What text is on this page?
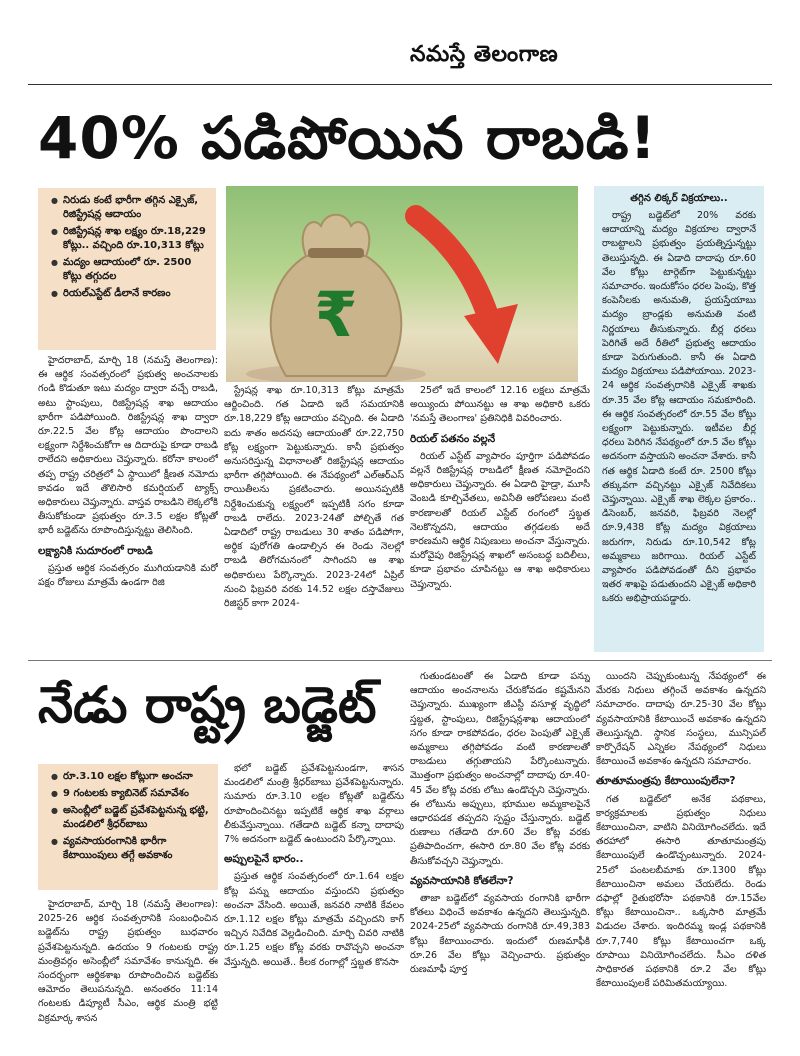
నమస్తే తెలంగాణ
40% పడిపోయిన రాబడి!
● నిరుడు కంటే భారీగా తగ్గిన ఎక్సైజ్, రిజిస్ట్రేషన్ల ఆదాయం
● రిజిస్ట్రేషన్ల శాఖ లక్ష్యం రూ.18,229 కోట్లు.. వచ్చింది రూ.10,313 కోట్లు
● మద్యం ఆదాయంలో రూ. 2500 కోట్లు తగ్గుదల
● రియల్ఎస్టేట్ డీలానే కారణం	₹

హైదరాబాద్, మార్చి 18 (నమస్తే తెలంగాణ): ఈ ఆర్థిక సంవత్సరంలో ప్రభుత్వ అంచనాలకు గండి కొడుతూ ఇటు మద్యం ద్వారా వచ్చే రాబడి, అటు స్టాంపులు, రిజిస్ట్రేషన్ల శాఖ ఆదాయం భారీగా పడిపోయింది. రిజిస్ట్రేషన్ల శాఖ ద్వారా రూ.22.5 వేల కోట్ల ఆదాయం పొందాలని లక్ష్యంగా నిర్దేశించుకోగా ఆ దిదారుపై కూడా రాబడి రాలేదని అధికారులు చెప్తున్నారు. కరోనా కాలంలో తప్ప రాష్ట్ర చరిత్రలో ఏ స్థాయిలో క్షీణత నమోదు కావడం ఇదే తొలిసారి కమర్షియల్ ట్యాక్స్ అధికారులు చెప్తున్నారు. వాస్తవ రాబడిని లెక్కలోకి తీసుకోకుండా ప్రభుత్వం రూ.3.5 లక్షల కోట్లతో భారీ బడ్జెట్‌ను రూపొందిస్తున్నట్టు తెలిసింది.

లక్ష్యానికి సుదూరంలో రాబడి

ప్రస్తుత ఆర్థిక సంవత్సరం ముగియడానికి మరో పక్షం రోజులు మాత్రమే ఉండగా రిజి

స్ట్రేషన్ల శాఖ రూ.10,313 కోట్లు మాత్రమే ఆర్జించింది. గత ఏడాది ఇదే సమయానికి రూ.18,229 కోట్ల ఆదాయం వచ్చింది. ఈ ఏడాది ఐదు శాతం అదనపు ఆదాయంతో రూ.22,750 కోట్ల లక్ష్యంగా పెట్టుకున్నారు. కానీ ప్రభుత్వం అనుసరిస్తున్న విధానాలతో రిజిస్ట్రేషన్ల ఆదాయం భారీగా తగ్గిపోయింది. ఈ నేపథ్యంలో ఎల్ఆర్ఎస్ రాయితీలను ప్రకటించారు. అయినప్పటికీ నిర్దేశించుకున్న లక్ష్యంలో ఇప్పటికీ సగం కూడా రాబడి రాలేదు. 2023-24తో పోల్చితే గత ఏడాదిలో రాష్ట్ర రాబడులు 30 శాతం పడిపోగా, అర్థిక పురోగతి ఉండాల్సిన ఈ రెండు నెలల్లో రాబడి తిరోగమనంలో సాగిందని ఆ శాఖ అధికారులు పేర్కొన్నారు. 2023-24లో ఏప్రిల్ నుంచి ఫిబ్రవరి వరకు 14.52 లక్షల దస్తావేజులు రిజిస్టర్ కాగా 2024-

25లో ఇదే కాలంలో 12.16 లక్షలు మాత్రమే అయ్యిందు పోయినట్టు ఆ శాఖ అధికారి ఒకరు 'నమస్తే తెలంగాణ' ప్రతినిధికి వివరించారు.

రియల్ పతనం వల్లనే

రియల్ ఎస్టేట్ వ్యాపారం పూర్తిగా పడిపోవడం వల్లనే రిజిస్ట్రేషన్ల రాబడిలో క్షీణత నమోదైందని అధికారులు చెప్తున్నారు. ఈ ఏడాది హైడ్రా, మూసీ వెంబడి కూల్చివేతలు, అవినీతి ఆరోపణలు వంటి కారణాలతో రియల్ ఎస్టేట్ రంగంలో స్తబ్ధత నెలకొన్నదని, ఆదాయం తగ్గడలకు అదే కారణమని ఆర్థిక నిపుణులు అంచనా వేస్తున్నారు. మరోవైపు రిజిస్ట్రేషన్ల శాఖలో అసంబద్ధ బదిలీలు, కూడా ప్రభావం చూపినట్టు ఆ శాఖ అధికారులు చెప్తున్నారు.

తగ్గిన లిక్కర్ విక్రయాలు..

రాష్ట్ర బడ్జెట్‌లో 20% వరకు ఆదాయాన్ని మద్యం విక్రయాల ద్వారానే రాబట్టాలని ప్రభుత్వం ప్రయత్నిస్తున్నట్టు తెలుస్తున్నది. ఈ ఏడాది దాదాపు రూ.60 వేల కోట్లు టార్గెట్‌గా పెట్టుకున్నట్టు సమాచారం. ఇందుకోసం ధరల పెంపు, కొత్త కంపెనీలకు అనుమతి, ప్రయస్తేయాబు మద్యం బ్రాండ్లకు అనుమతి వంటి నిర్ణయాలు తీసుకున్నారు. బీర్ల ధరలు పెరిగితే అదే రీతిలో ప్రభుత్వ ఆదాయం కూడా పెరుగుతుంది. కానీ ఈ ఏడాది మద్యం విక్రయాలు పడిపోయాయి. 2023-24 ఆర్థిక సంవత్సరానికి ఎక్సైజ్ శాఖకు రూ.35 వేల కోట్ల ఆదాయం సమకూరింది. ఈ ఆర్థిక సంవత్సరంలో రూ.55 వేల కోట్లు లక్ష్యంగా పెట్టుకున్నారు. ఇటీవల బీర్ల ధరలు పెరిగిన నేపథ్యంలో రూ.5 వేల కోట్లు అదనంగా వస్తాయని అంచనా వేశారు. కానీ గత ఆర్థిక ఏడాది కంటే రూ. 2500 కోట్లు తక్కువగా వచ్చినట్టు ఎక్సైజ్ నివేదికలు చెప్తున్నాయి. ఎక్సైజ్ శాఖ లెక్కల ప్రకారం.. డిసెంబర్, జనవరి, ఫిబ్రవరి నెలల్లో రూ.9,438 కోట్ల మద్యం విక్రయాలు జరుగగా, నిరుడు రూ.10,542 కోట్ల అమ్మకాలు జరిగాయి. రియల్ ఎస్టేట్ వ్యాపారం పడిపోవడంతో దీని ప్రభావం ఇతర శాఖపై పడుతుందని ఎక్సైజ్ అధికారి ఒకరు అభిప్రాయపడ్డారు.

నేడు రాష్ట్ర బడ్జెట్
● రూ.3.10 లక్షల కోట్లుగా అంచనా
● 9 గంటలకు క్యాబినెట్ సమావేశం
● అసెంబ్లీలో బడ్జెట్ ప్రవేశపెట్టనున్న భట్టి, మండలిలో శ్రీధర్‌బాబు
● వ్యవసాయరంగానికి భారీగా కేటాయింపులు తగ్గే అవకాశం

హైదరాబాద్, మార్చి 18 (నమస్తే తెలంగాణ): 2025-26 ఆర్థిక సంవత్సరానికి సంబంధించిన బడ్జెట్‌ను రాష్ట్ర ప్రభుత్వం బుధవారం ప్రవేశపెట్టనున్నది. ఉదయం 9 గంటలకు రాష్ట్ర మంత్రివర్గం అసెంబ్లీలో సమావేశం కానున్నది. ఈ సందర్భంగా ఆర్థికశాఖ రూపొందించిన బడ్జెట్‌కు ఆమోదం తెలుపనున్నది. అనంతరం 11:14 గంటలకు డిప్యూటీ సీఎం, ఆర్థిక మంత్రి భట్టి విక్రమార్క శాసన

భలో బడ్జెట్ ప్రవేశపెట్టనుండగా, శాసన మండలిలో మంత్రి శ్రీధర్‌బాబు ప్రవేశపెట్టనున్నారు. సుమారు రూ.3.10 లక్షల కోట్లతో బడ్జెట్‌ను రూపొందించినట్టు ఇప్పటికే ఆర్థిక శాఖ వర్గాలు లీకువేస్తున్నాయి. గతేడాది బడ్జెట్ కన్నా దాదాపు 7% అదనంగా బడ్జెట్ ఉంటుందని పేర్కొన్నాయి.

అప్పులపైనే భారం..

ప్రస్తుత ఆర్థిక సంవత్సరంలో రూ.1.64 లక్షల కోట్ల పన్ను ఆదాయం వస్తుందని ప్రభుత్వం అంచనా వేసింది. అయితే, జనవరి నాటికి కేవలం రూ.1.12 లక్షల కోట్లు మాత్రమే వచ్చిందని కాగ్ ఇచ్చిన నివేదిక వెల్లడించింది. మార్చి చివరి నాటికి రూ.1.25 లక్షల కోట్ల వరకు రావొచ్చని అంచనా వేస్తున్నది. అయితే.. కీలక రంగాల్లో స్తబ్దత కొనసా

గుతుండటంతో ఈ ఏడాది కూడా పన్ను ఆదాయం అంచనాలను చేరుకోవడం కష్టమేనని చెప్తున్నారు. ముఖ్యంగా జీఎస్టీ వసూళ్ల వృద్ధిలో స్తబ్దత, స్టాంపులు, రిజిస్ట్రేషన్లశాఖ ఆదాయంలో సగం కూడా రాకపోవడం, ధరల పెంపుతో ఎక్సైజ్ అమ్మకాలు తగ్గిపోవడం వంటి కారణాలతో రాబడులు తగ్గుతాయని పేర్కొంటున్నారు. మొత్తంగా ప్రభుత్వం అంచనాల్లో దాదాపు రూ.40-45 వేల కోట్ల వరకు లోటు ఉండొచ్చని చెప్తున్నారు. ఈ లోటును అప్పులు, భూముల అమ్మకాలపైనే ఆధారపడక తప్పదని స్పష్టం చేస్తున్నారు. బడ్జెట్ రుణాలు గతేడాది రూ.60 వేల కోట్ల వరకు ప్రతిపాదించగా, ఈసారి రూ.80 వేల కోట్ల వరకు తీసుకోవచ్చని చెప్తున్నారు.

వ్యవసాయానికి కోతలేనా?

తాజా బడ్జెట్‌లో వ్యవసాయ రంగానికి భారీగా కోతలు విధించే అవకాశం ఉన్నదని తెలుస్తున్నది. 2024-25లో వ్యవసాయ రంగానికి రూ.49,383 కోట్లు కేటాయించారు. ఇందులో రుణమాఫీకి రూ.26 వేల కోట్లు వెచ్చించారు. ప్రభుత్వం రుణమాఫీ పూర్త

యిందని చెప్పుకుంటున్న నేపథ్యంలో ఈ మేరకు నిధులు తగ్గించే అవకాశం ఉన్నదని సమాచారం. దాదాపు రూ.25-30 వేల కోట్లు వ్యవసాయానికి కేటాయించే అవకాశం ఉన్నదని తెలుస్తున్నది. స్థానిక సంస్థలు, మున్సిపల్ కార్పొరేషన్ ఎన్నికల నేపథ్యంలో నిధులు కేటాయించే అవకాశం ఉన్నదని సమాచారం.

తూతూమంత్రపు కేటాయింపులేనా?

గత బడ్జెట్‌లో అనేక పథకాలు, కార్యక్రమాలకు ప్రభుత్వం నిధులు కేటాయించినా, వాటిని వినియోగించలేదు. ఇదే తరహాలో ఈసారి తూతూమంత్రపు కేటాయింపులే ఉండొచ్చంటున్నారు. 2024-25లో పంటలబీమాకు రూ.1300 కోట్లు కేటాయించినా అమలు చేయలేదు. రెండు దఫాల్లో రైతుభరోసా పథకానికి రూ.15వేల కోట్లు కేటాయించినా.. ఒక్కసారి మాత్రమే విడుదల చేశారు. ఇందిరమ్మ ఇండ్ల పథకానికి రూ.7,740 కోట్లు కేటాయించగా ఒక్క రూపాయి వినియోగించలేదు. సీఎం దళిత సాధికారత పథకానికి రూ.2 వేల కోట్లు కేటాయింపులకే పరిమితమయ్యాయి.
